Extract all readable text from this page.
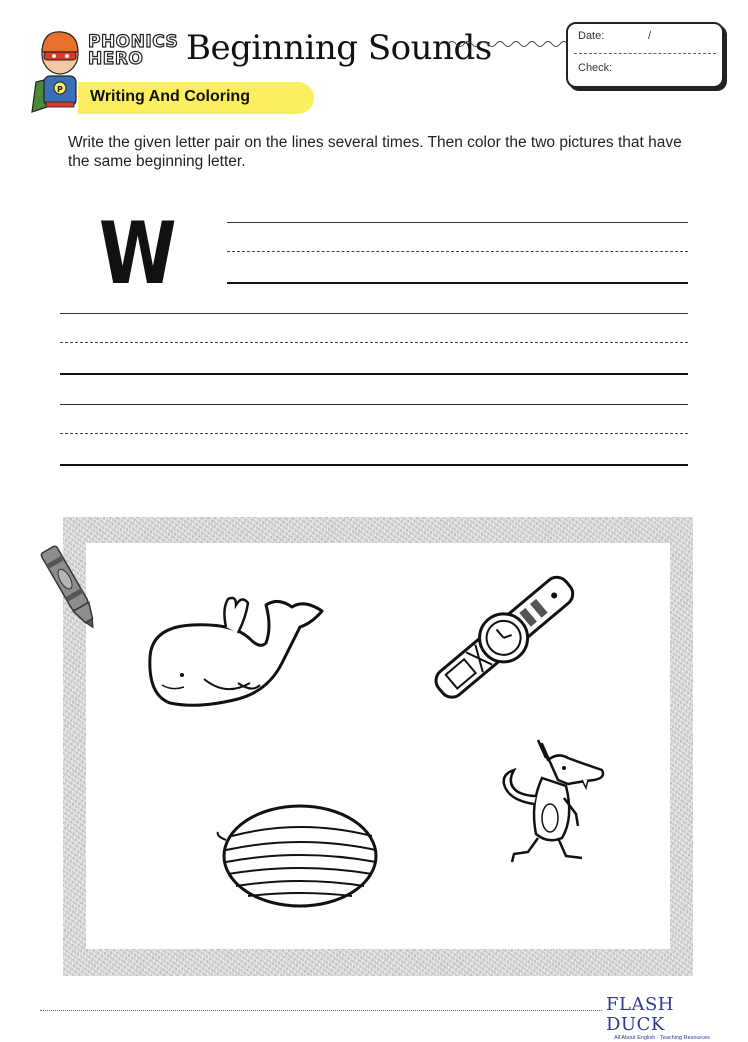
P
PHONICS
HERO	Beginning Sounds	Date:	/
Check:
Writing And Coloring
Write the given letter pair on the lines several times. Then color the two pictures that have the same beginning letter.
W
FLASH DUCK
All About English · Teaching Resources
